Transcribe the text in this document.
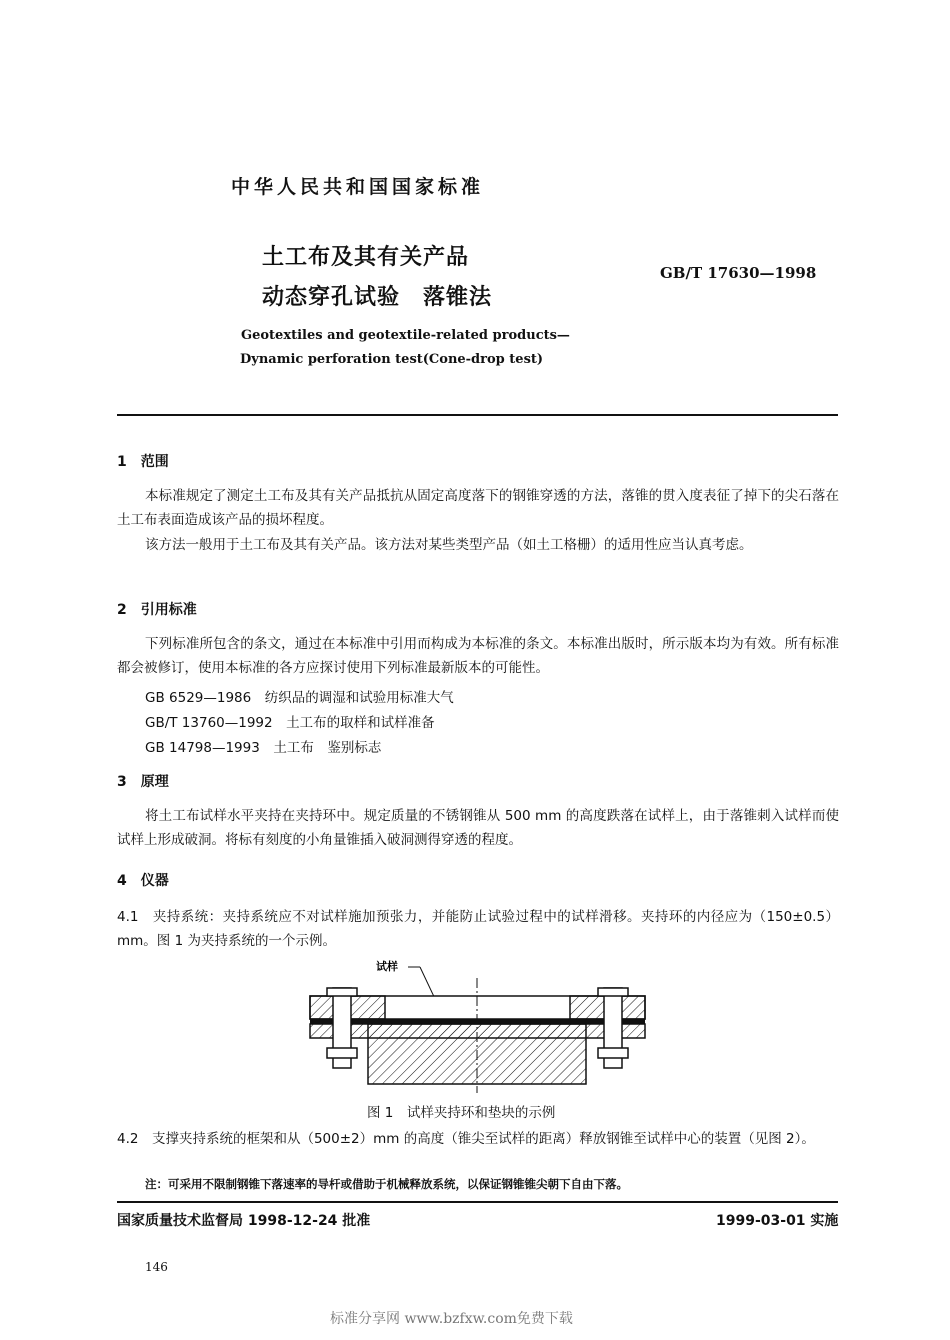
中华人民共和国国家标准
土工布及其有关产品
动态穿孔试验　落锥法
GB/T 17630—1998
Geotextiles and geotextile-related products—
Dynamic perforation test(Cone-drop test)
1　范围
本标准规定了测定土工布及其有关产品抵抗从固定高度落下的钢锥穿透的方法，落锥的贯入度表征了掉下的尖石落在土工布表面造成该产品的损坏程度。
该方法一般用于土工布及其有关产品。该方法对某些类型产品（如土工格栅）的适用性应当认真考虑。
2　引用标准
下列标准所包含的条文，通过在本标准中引用而构成为本标准的条文。本标准出版时，所示版本均为有效。所有标准都会被修订，使用本标准的各方应探讨使用下列标准最新版本的可能性。
GB 6529—1986　纺织品的调湿和试验用标准大气
GB/T 13760—1992　土工布的取样和试样准备
GB 14798—1993　土工布　鉴别标志
3　原理
将土工布试样水平夹持在夹持环中。规定质量的不锈钢锥从 500 mm 的高度跌落在试样上，由于落锥刺入试样而使试样上形成破洞。将标有刻度的小角量锥插入破洞测得穿透的程度。
4　仪器
4.1　夹持系统：夹持系统应不对试样施加预张力，并能防止试验过程中的试样滑移。夹持环的内径应为（150±0.5）mm。图 1 为夹持系统的一个示例。
试样
图 1　试样夹持环和垫块的示例
4.2　支撑夹持系统的框架和从（500±2）mm 的高度（锥尖至试样的距离）释放钢锥至试样中心的装置（见图 2）。
注：可采用不限制钢锥下落速率的导杆或借助于机械释放系统，以保证钢锥锥尖朝下自由下落。
国家质量技术监督局 1998-12-24 批准	1999-03-01 实施
146
标准分享网 www.bzfxw.com免费下载
